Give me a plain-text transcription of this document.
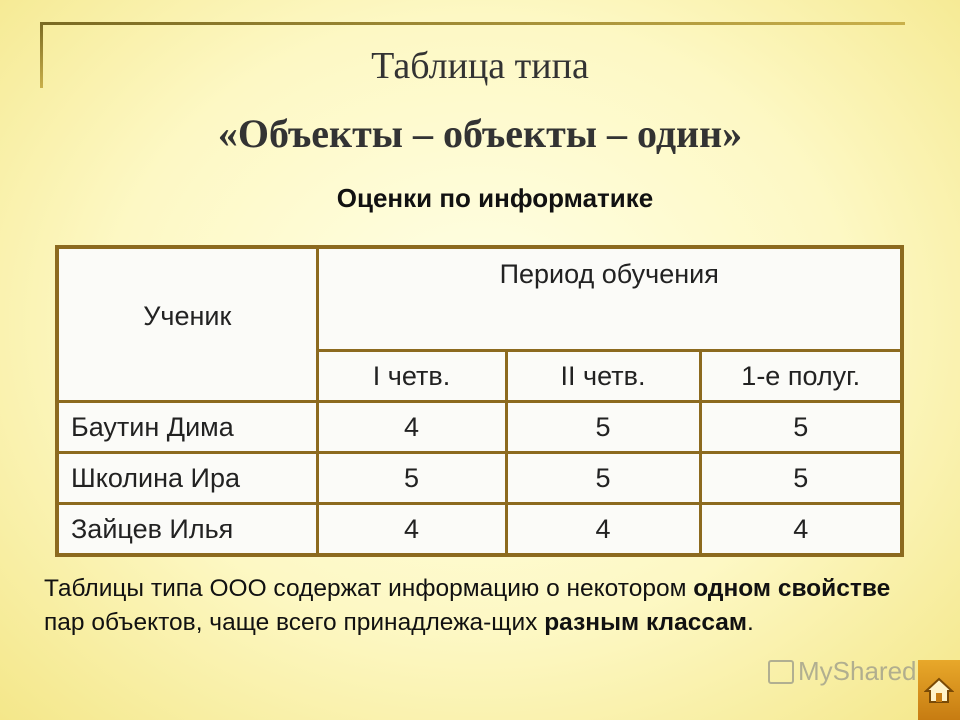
Таблица типа
«Объекты – объекты – один»
Оценки по информатике
Ученик	Период обучения		
	I четв.	II четв.	1-е полуг.
Баутин Дима	4	5	5
Школина Ира	5	5	5
Зайцев Илья	4	4	4
Таблицы типа ООО содержат информацию о некотором одном свойстве пар объектов, чаще всего принадлежа-щих разным классам.
MyShared
